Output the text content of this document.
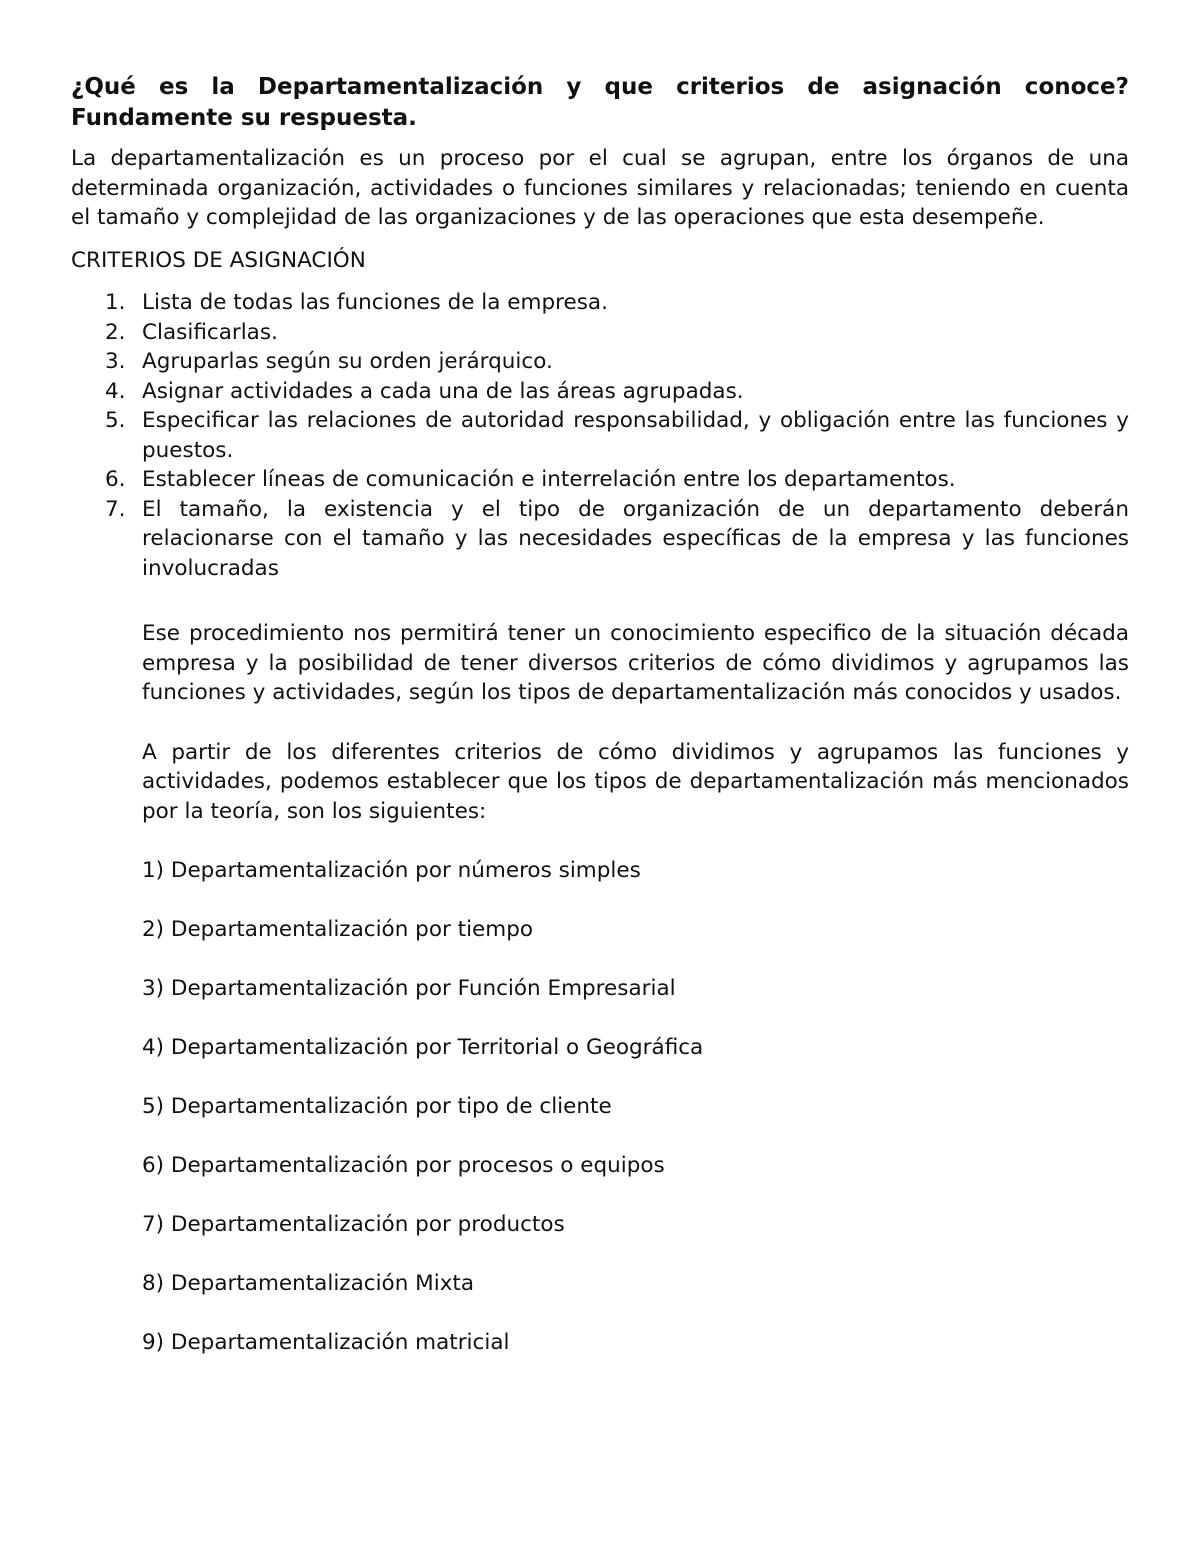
¿Qué es la Departamentalización y que criterios de asignación conoce? Fundamente su respuesta.
La departamentalización es un proceso por el cual se agrupan, entre los órganos de una determinada organización, actividades o funciones similares y relacionadas; teniendo en cuenta el tamaño y complejidad de las organizaciones y de las operaciones que esta desempeñe.
CRITERIOS DE ASIGNACIÓN
1. Lista de todas las funciones de la empresa.
2. Clasificarlas.
3. Agruparlas según su orden jerárquico.
4. Asignar actividades a cada una de las áreas agrupadas.
5. Especificar las relaciones de autoridad responsabilidad, y obligación entre las funciones y puestos.
6. Establecer líneas de comunicación e interrelación entre los departamentos.
7. El tamaño, la existencia y el tipo de organización de un departamento deberán relacionarse con el tamaño y las necesidades específicas de la empresa y las funciones involucradas
Ese procedimiento nos permitirá tener un conocimiento especifico de la situación década empresa y la posibilidad de tener diversos criterios de cómo dividimos y agrupamos las funciones y actividades, según los tipos de departamentalización más conocidos y usados.
A partir de los diferentes criterios de cómo dividimos y agrupamos las funciones y actividades, podemos establecer que los tipos de departamentalización más mencionados por la teoría, son los siguientes:
1) Departamentalización por números simples
2) Departamentalización por tiempo
3) Departamentalización por Función Empresarial
4) Departamentalización por Territorial o Geográfica
5) Departamentalización por tipo de cliente
6) Departamentalización por procesos o equipos
7) Departamentalización por productos
8) Departamentalización Mixta
9) Departamentalización matricial
